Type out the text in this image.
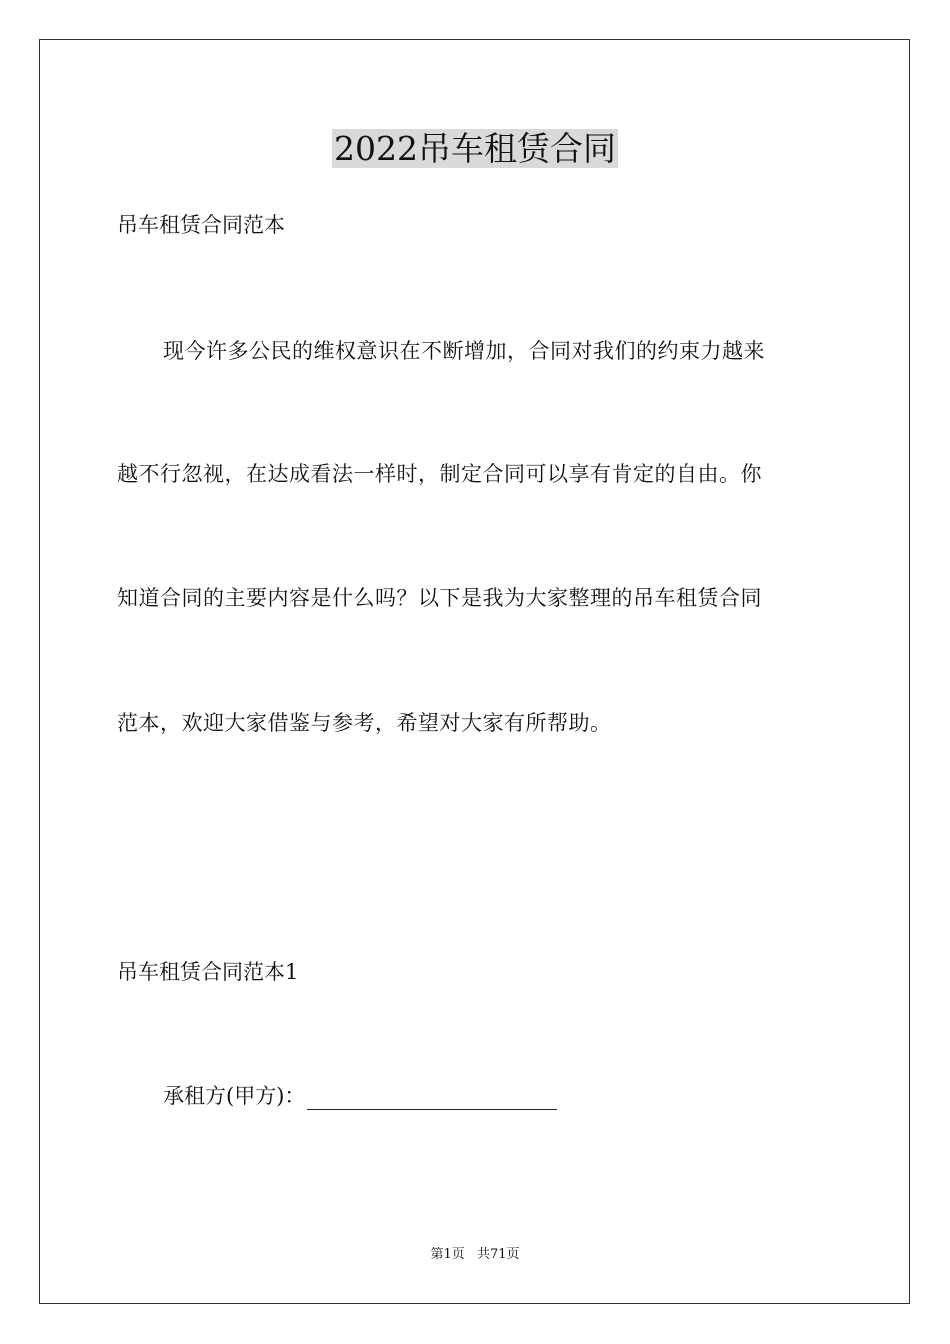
2022吊车租赁合同

吊车租赁合同范本

现今许多公民的维权意识在不断增加，合同对我们的约束力越来

越不行忽视，在达成看法一样时，制定合同可以享有肯定的自由。你

知道合同的主要内容是什么吗？以下是我为大家整理的吊车租赁合同

范本，欢迎大家借鉴与参考，希望对大家有所帮助。

吊车租赁合同范本1

承租方(甲方)：

第1页 共71页
